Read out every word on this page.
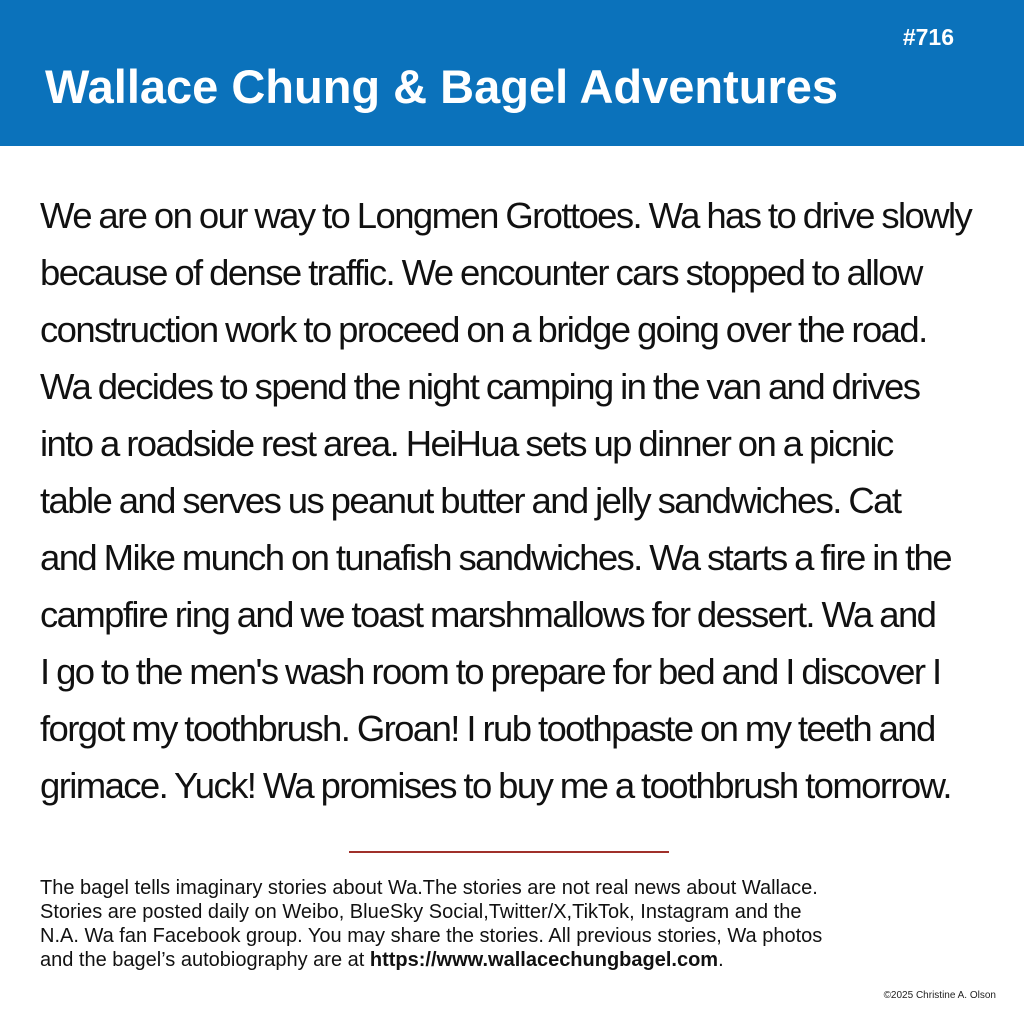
#716
Wallace Chung & Bagel Adventures
We are on our way to Longmen Grottoes. Wa has to drive slowly
because of dense traffic. We encounter cars stopped to allow
construction work to proceed on a bridge going over the road.
Wa decides to spend the night camping in the van and drives
into a roadside rest area. HeiHua sets up dinner on a picnic
table and serves us peanut butter and jelly sandwiches. Cat
and Mike munch on tunafish sandwiches. Wa starts a fire in the
campfire ring and we toast marshmallows for dessert. Wa and
I go to the men's wash room to prepare for bed and I discover I
forgot my toothbrush. Groan! I rub toothpaste on my teeth and
grimace. Yuck! Wa promises to buy me a toothbrush tomorrow.
The bagel tells imaginary stories about Wa.The stories are not real news about Wallace.
Stories are posted daily on Weibo, BlueSky Social,Twitter/X,TikTok, Instagram and the
N.A. Wa fan Facebook group. You may share the stories. All previous stories, Wa photos
and the bagel’s autobiography are at https://www.wallacechungbagel.com.
©2025 Christine A. Olson
